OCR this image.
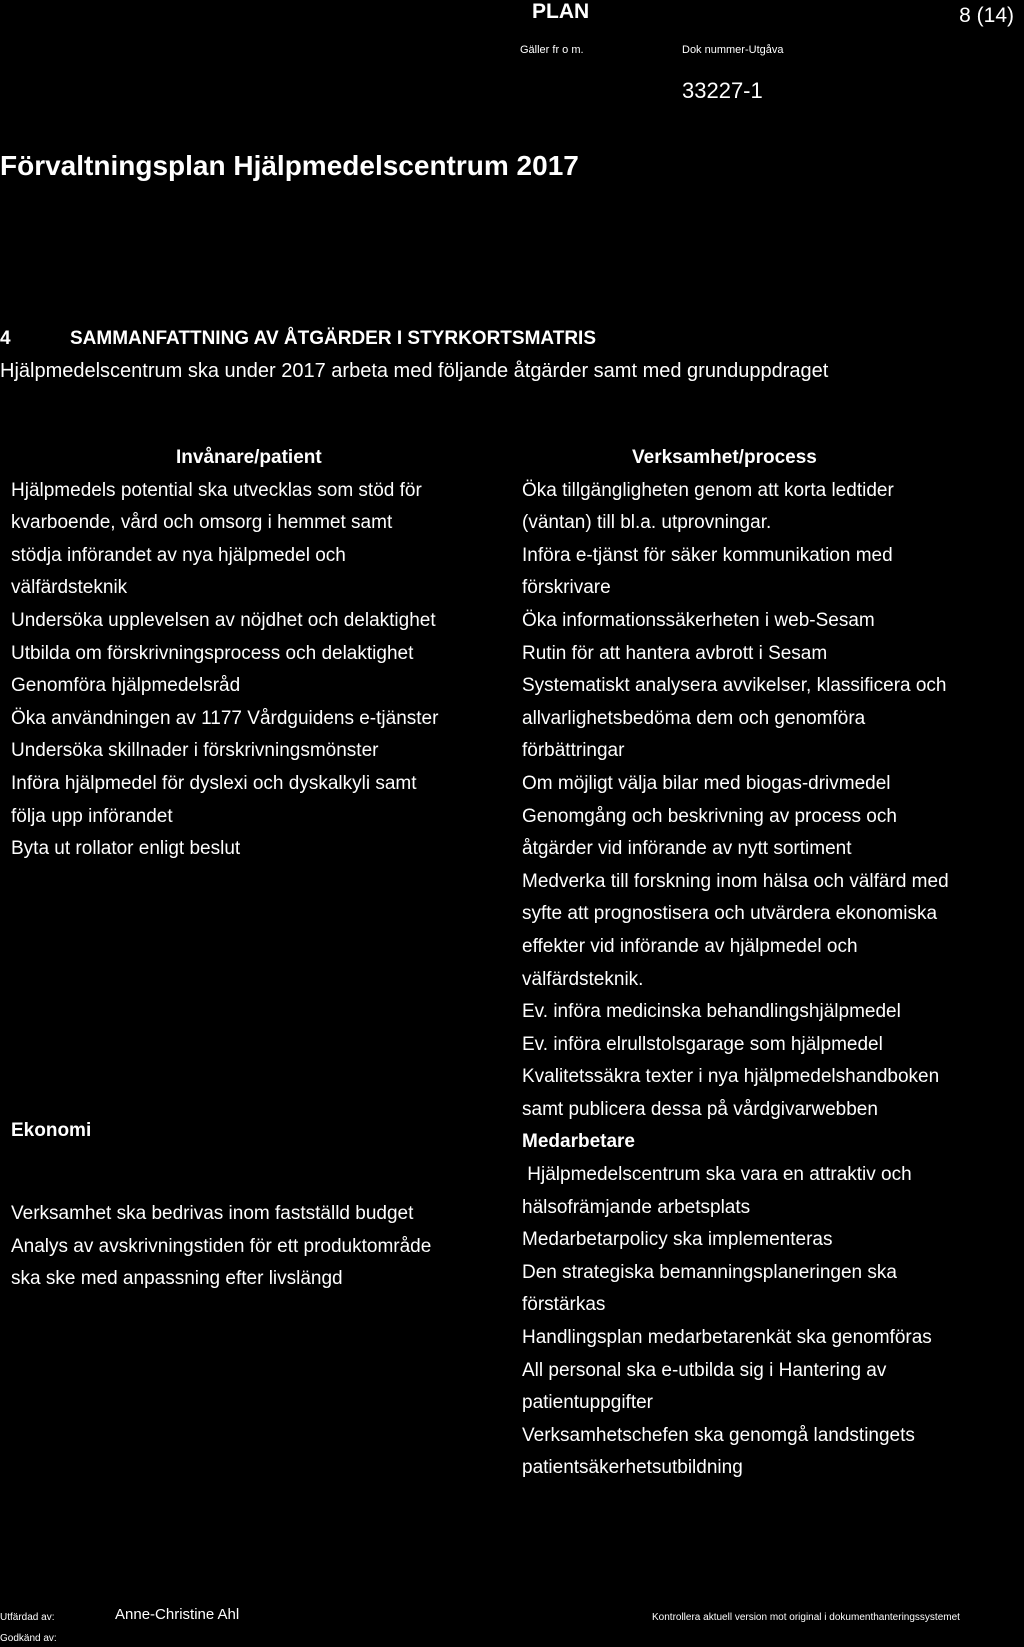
PLAN	8 (14)
Gäller fr o m.	Dok nummer-Utgåva
33227-1
Förvaltningsplan Hjälpmedelscentrum 2017
4	SAMMANFATTNING AV ÅTGÄRDER I STYRKORTSMATRIS
Hjälpmedelscentrum ska under 2017 arbeta med följande åtgärder samt med grunduppdraget
Invånare/patient
Hjälpmedels potential ska utvecklas som stöd för
kvarboende, vård och omsorg i hemmet samt
stödja införandet av nya hjälpmedel och
välfärdsteknik
Undersöka upplevelsen av nöjdhet och delaktighet
Utbilda om förskrivningsprocess och delaktighet
Genomföra hjälpmedelsråd
Öka användningen av 1177 Vårdguidens e-tjänster
Undersöka skillnader i förskrivningsmönster
Införa hjälpmedel för dyslexi och dyskalkyli samt
följa upp införandet
Byta ut rollator enligt beslut
Ekonomi
Verksamhet ska bedrivas inom fastställd budget
Analys av avskrivningstiden för ett produktområde
ska ske med anpassning efter livslängd
Verksamhet/process
Öka tillgängligheten genom att korta ledtider
(väntan) till bl.a. utprovningar.
Införa e-tjänst för säker kommunikation med
förskrivare
Öka informationssäkerheten i web-Sesam
Rutin för att hantera avbrott i Sesam
Systematiskt analysera avvikelser, klassificera och
allvarlighetsbedöma dem och genomföra
förbättringar
Om möjligt välja bilar med biogas-drivmedel
Genomgång och beskrivning av process och
åtgärder vid införande av nytt sortiment
Medverka till forskning inom hälsa och välfärd med
syfte att prognostisera och utvärdera ekonomiska
effekter vid införande av hjälpmedel och
välfärdsteknik.
Ev. införa medicinska behandlingshjälpmedel
Ev. införa elrullstolsgarage som hjälpmedel
Kvalitetssäkra texter i nya hjälpmedelshandboken
samt publicera dessa på vårdgivarwebben
Medarbetare
Hjälpmedelscentrum ska vara en attraktiv och
hälsofrämjande arbetsplats
Medarbetarpolicy ska implementeras
Den strategiska bemanningsplaneringen ska
förstärkas
Handlingsplan medarbetarenkät ska genomföras
All personal ska e-utbilda sig i Hantering av
patientuppgifter
Verksamhetschefen ska genomgå landstingets
patientsäkerhetsutbildning
Utfärdad av:	Anne-Christine Ahl
Godkänd av:
Kontrollera aktuell version mot original i dokumenthanteringssystemet
